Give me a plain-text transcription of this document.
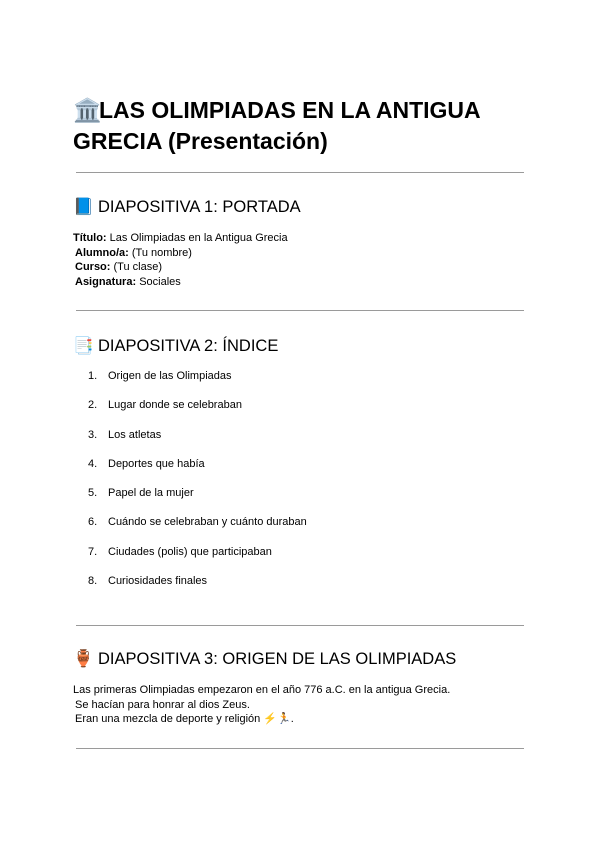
🏛️LAS OLIMPIADAS EN LA ANTIGUA GRECIA (Presentación)
📘 DIAPOSITIVA 1: PORTADA
Título: Las Olimpiadas en la Antigua Grecia
Alumno/a: (Tu nombre)
Curso: (Tu clase)
Asignatura: Sociales
📑 DIAPOSITIVA 2: ÍNDICE
1. Origen de las Olimpiadas
2. Lugar donde se celebraban
3. Los atletas
4. Deportes que había
5. Papel de la mujer
6. Cuándo se celebraban y cuánto duraban
7. Ciudades (polis) que participaban
8. Curiosidades finales
🏺 DIAPOSITIVA 3: ORIGEN DE LAS OLIMPIADAS
Las primeras Olimpiadas empezaron en el año 776 a.C. en la antigua Grecia.
Se hacían para honrar al dios Zeus.
Eran una mezcla de deporte y religión ⚡🏃.
